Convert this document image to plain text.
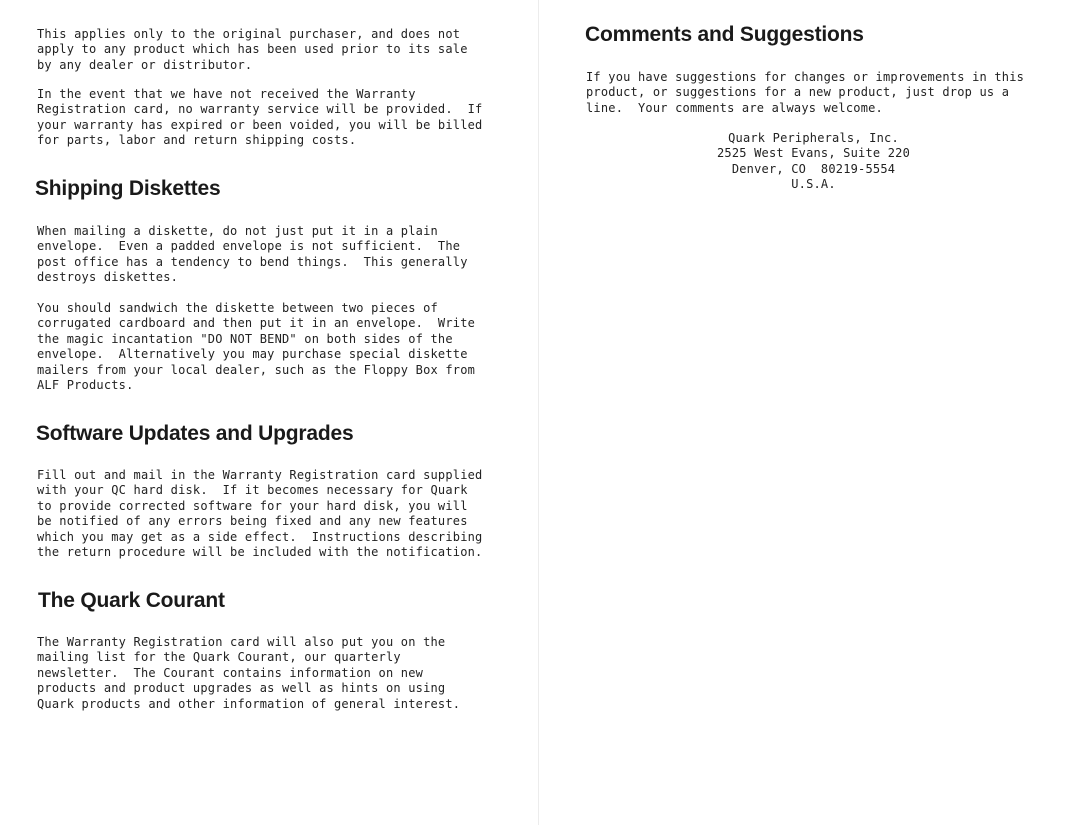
This applies only to the original purchaser, and does not
apply to any product which has been used prior to its sale
by any dealer or distributor.

In the event that we have not received the Warranty
Registration card, no warranty service will be provided.  If
your warranty has expired or been voided, you will be billed
for parts, labor and return shipping costs.

Shipping Diskettes

When mailing a diskette, do not just put it in a plain
envelope.  Even a padded envelope is not sufficient.  The
post office has a tendency to bend things.  This generally
destroys diskettes.

You should sandwich the diskette between two pieces of
corrugated cardboard and then put it in an envelope.  Write
the magic incantation "DO NOT BEND" on both sides of the
envelope.  Alternatively you may purchase special diskette
mailers from your local dealer, such as the Floppy Box from
ALF Products.

Software Updates and Upgrades

Fill out and mail in the Warranty Registration card supplied
with your QC hard disk.  If it becomes necessary for Quark
to provide corrected software for your hard disk, you will
be notified of any errors being fixed and any new features
which you may get as a side effect.  Instructions describing
the return procedure will be included with the notification.

The Quark Courant

The Warranty Registration card will also put you on the
mailing list for the Quark Courant, our quarterly
newsletter.  The Courant contains information on new
products and product upgrades as well as hints on using
Quark products and other information of general interest.

Comments and Suggestions

If you have suggestions for changes or improvements in this
product, or suggestions for a new product, just drop us a
line.  Your comments are always welcome.

Quark Peripherals, Inc.
2525 West Evans, Suite 220
Denver, CO  80219-5554
U.S.A.
